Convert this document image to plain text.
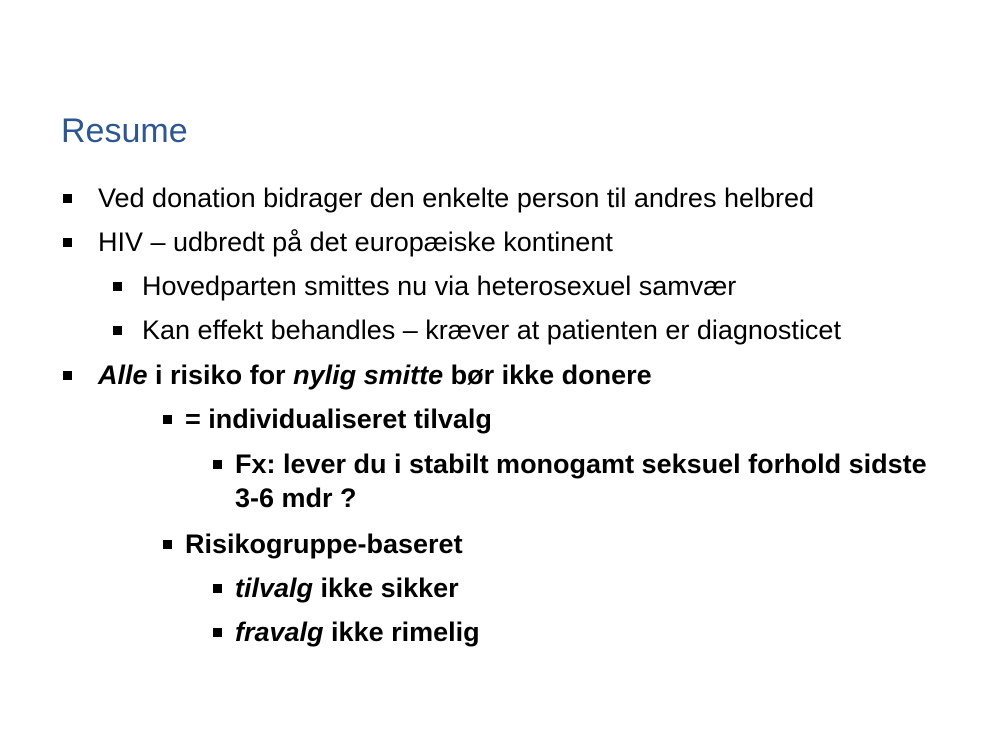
Resume
Ved donation bidrager den enkelte person til andres helbred
HIV – udbredt på det europæiske kontinent
Hovedparten smittes nu via heterosexuel samvær
Kan effekt behandles – kræver at patienten er diagnosticet
Alle i risiko for nylig smitte bør ikke donere
= individualiseret tilvalg
Fx: lever du i stabilt monogamt seksuel forhold sidste 3-6 mdr ?
Risikogruppe-baseret
tilvalg ikke sikker
fravalg ikke rimelig
